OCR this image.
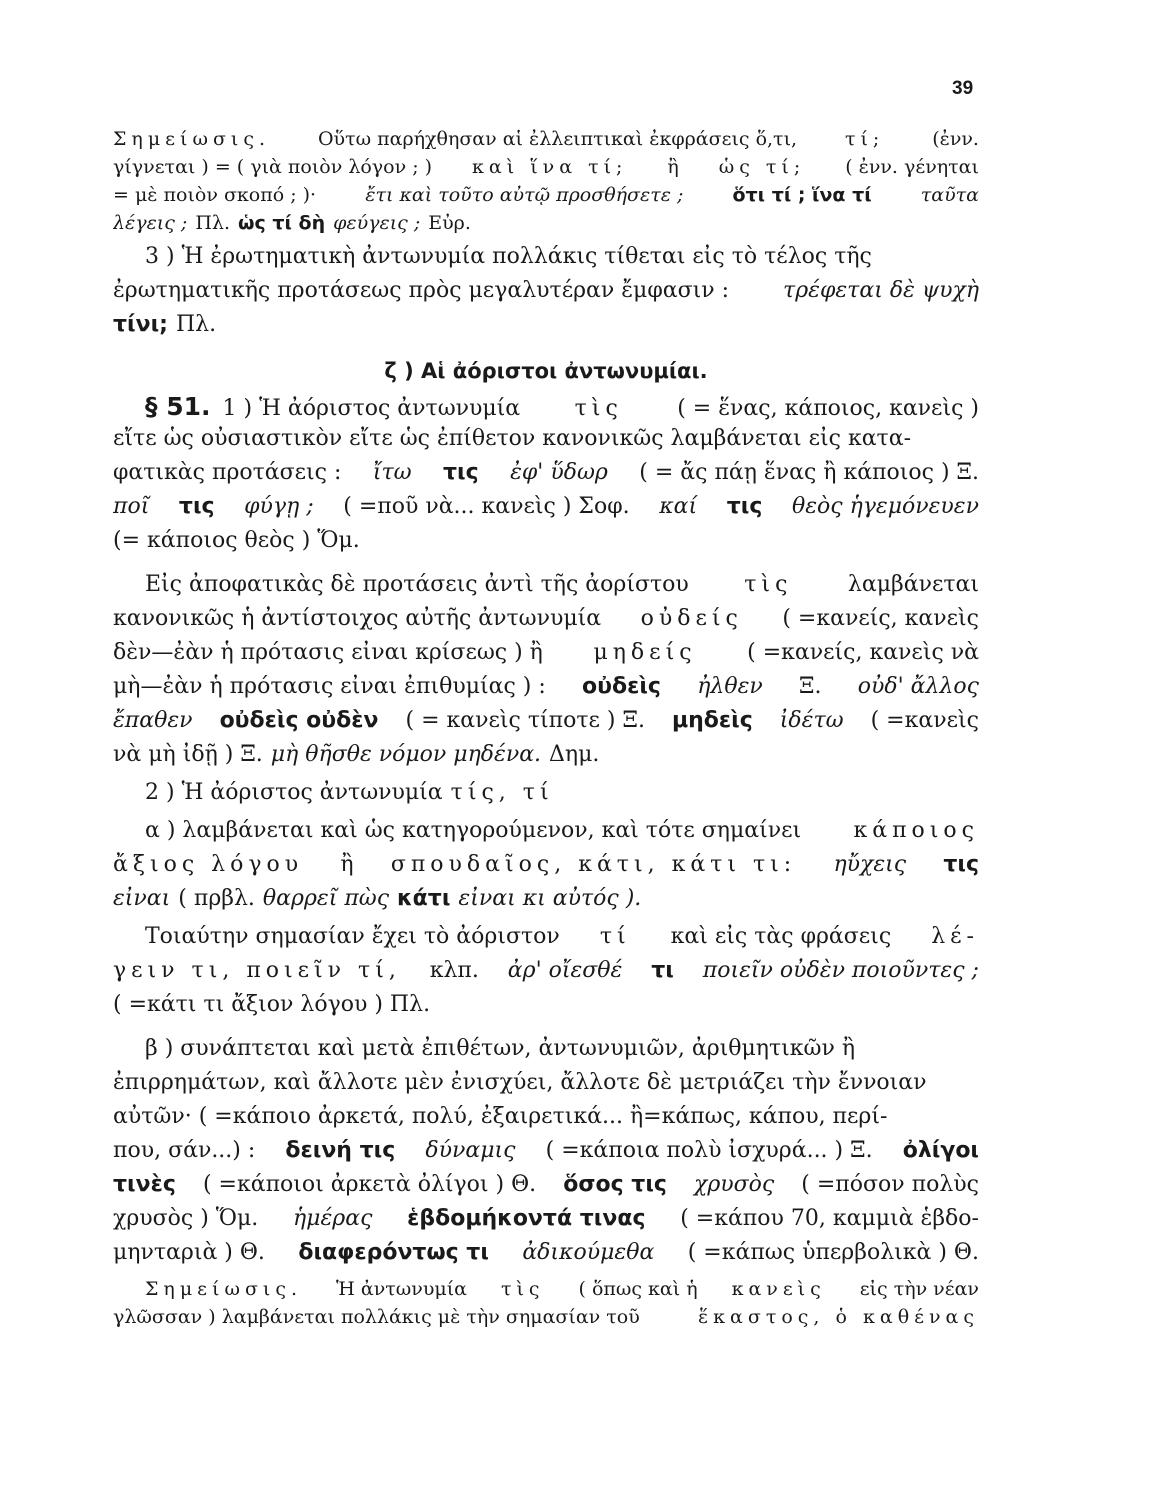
39
Σημείωσις.	Οὕτω παρήχθησαν αἱ ἐλλειπτικαὶ ἐκφράσεις ὅ,τι,	τί;	(ἐνν.
γίγνεται ) = ( γιὰ ποιὸν λόγον ; ) καὶ ἵνα τί; ἢ ὡς τί; ( ἐνν. γένηται
= μὲ ποιὸν σκοπό ; )·	ἔτι καὶ τοῦτο αὐτῷ προσθήσετε ;	ὅτι τί ; ἵνα τί	ταῦτα
λέγεις ; Πλ. ὡς τί δὴ φεύγεις ; Εὐρ.
3 ) Ἡ ἐρωτηματικὴ ἀντωνυμία πολλάκις τίθεται εἰς τὸ τέλος τῆς
ἐρωτηματικῆς προτάσεως πρὸς μεγαλυτέραν ἔμφασιν : τρέφεται δὲ ψυχὴ
τίνι; Πλ.
ζ ) Αἱ ἀόριστοι ἀντωνυμίαι.
§ 51. 1 ) Ἡ ἀόριστος ἀντωνυμία τὶς ( = ἕνας, κάποιος, κανεὶς )
εἴτε ὡς οὐσιαστικὸν εἴτε ὡς ἐπίθετον κανονικῶς λαμβάνεται εἰς κατα-
φατικὰς προτάσεις : ἴτω τις ἐφ' ὕδωρ ( = ἄς πάῃ ἕνας ἢ κάποιος ) Ξ.
ποῖ τις φύγῃ ; ( =ποῦ νὰ... κανεὶς ) Σοφ. καί τις θεὸς ἡγεμόνευεν
(= κάποιος θεὸς ) Ὅμ.
Εἰς ἀποφατικὰς δὲ προτάσεις ἀντὶ τῆς ἀορίστου	τὶς	λαμβάνεται
κανονικῶς ἡ ἀντίστοιχος αὐτῆς ἀντωνυμία οὐδείς ( =κανείς, κανεὶς
δὲν—ἐὰν ἡ πρότασις εἶναι κρίσεως ) ἢ μηδείς ( =κανείς, κανεὶς νὰ
μὴ—ἐὰν ἡ πρότασις εἶναι ἐπιθυμίας ) : οὐδεὶς ἦλθεν Ξ. οὐδ' ἄλλος
ἔπαθεν οὐδεὶς οὐδὲν ( = κανεὶς τίποτε ) Ξ. μηδεὶς ἰδέτω ( =κανεὶς
νὰ μὴ ἰδῇ ) Ξ. μὴ θῆσθε νόμον μηδένα. Δημ.
2 ) Ἡ ἀόριστος ἀντωνυμία τίς, τί
α ) λαμβάνεται καὶ ὡς κατηγορούμενον, καὶ τότε σημαίνει κάποιος
ἄξιος λόγου ἢ σπουδαῖος, κάτι, κάτι τι: ηὔχεις τις
εἶναι ( πρβλ. θαρρεῖ πὼς κάτι εἶναι κι αὐτός ).
Τοιαύτην σημασίαν ἔχει τὸ ἀόριστον τί καὶ εἰς τὰς φράσεις λέ-
γειν τι, ποιεῖν τί, κλπ. ἆρ' οἴεσθέ τι ποιεῖν οὐδὲν ποιοῦντες ;
( =κάτι τι ἄξιον λόγου ) Πλ.
β ) συνάπτεται καὶ μετὰ ἐπιθέτων, ἀντωνυμιῶν, ἀριθμητικῶν ἢ
ἐπιρρημάτων, καὶ ἄλλοτε μὲν ἐνισχύει, ἄλλοτε δὲ μετριάζει τὴν ἔννοιαν
αὐτῶν· ( =κάποιο ἀρκετά, πολύ, ἐξαιρετικά... ἢ=κάπως, κάπου, περί-
που, σάν...) : δεινή τις δύναμις ( =κάποια πολὺ ἰσχυρά... ) Ξ. ὀλίγοι
τινὲς ( =κάποιοι ἀρκετὰ ὀλίγοι ) Θ. ὅσος τις χρυσὸς ( =πόσον πολὺς
χρυσὸς ) Ὅμ. ἡμέρας ἑβδομήκοντά τινας ( =κάπου 70, καμμιὰ ἑβδο-
μηνταριὰ ) Θ. διαφερόντως τι ἀδικούμεθα ( =κάπως ὑπερβολικὰ ) Θ.
Σημείωσις. Ἡ ἀντωνυμία τὶς ( ὅπως καὶ ἡ κανεὶς εἰς τὴν νέαν
γλῶσσαν ) λαμβάνεται πολλάκις μὲ τὴν σημασίαν τοῦ	ἕκαστος, ὁ καθένας
